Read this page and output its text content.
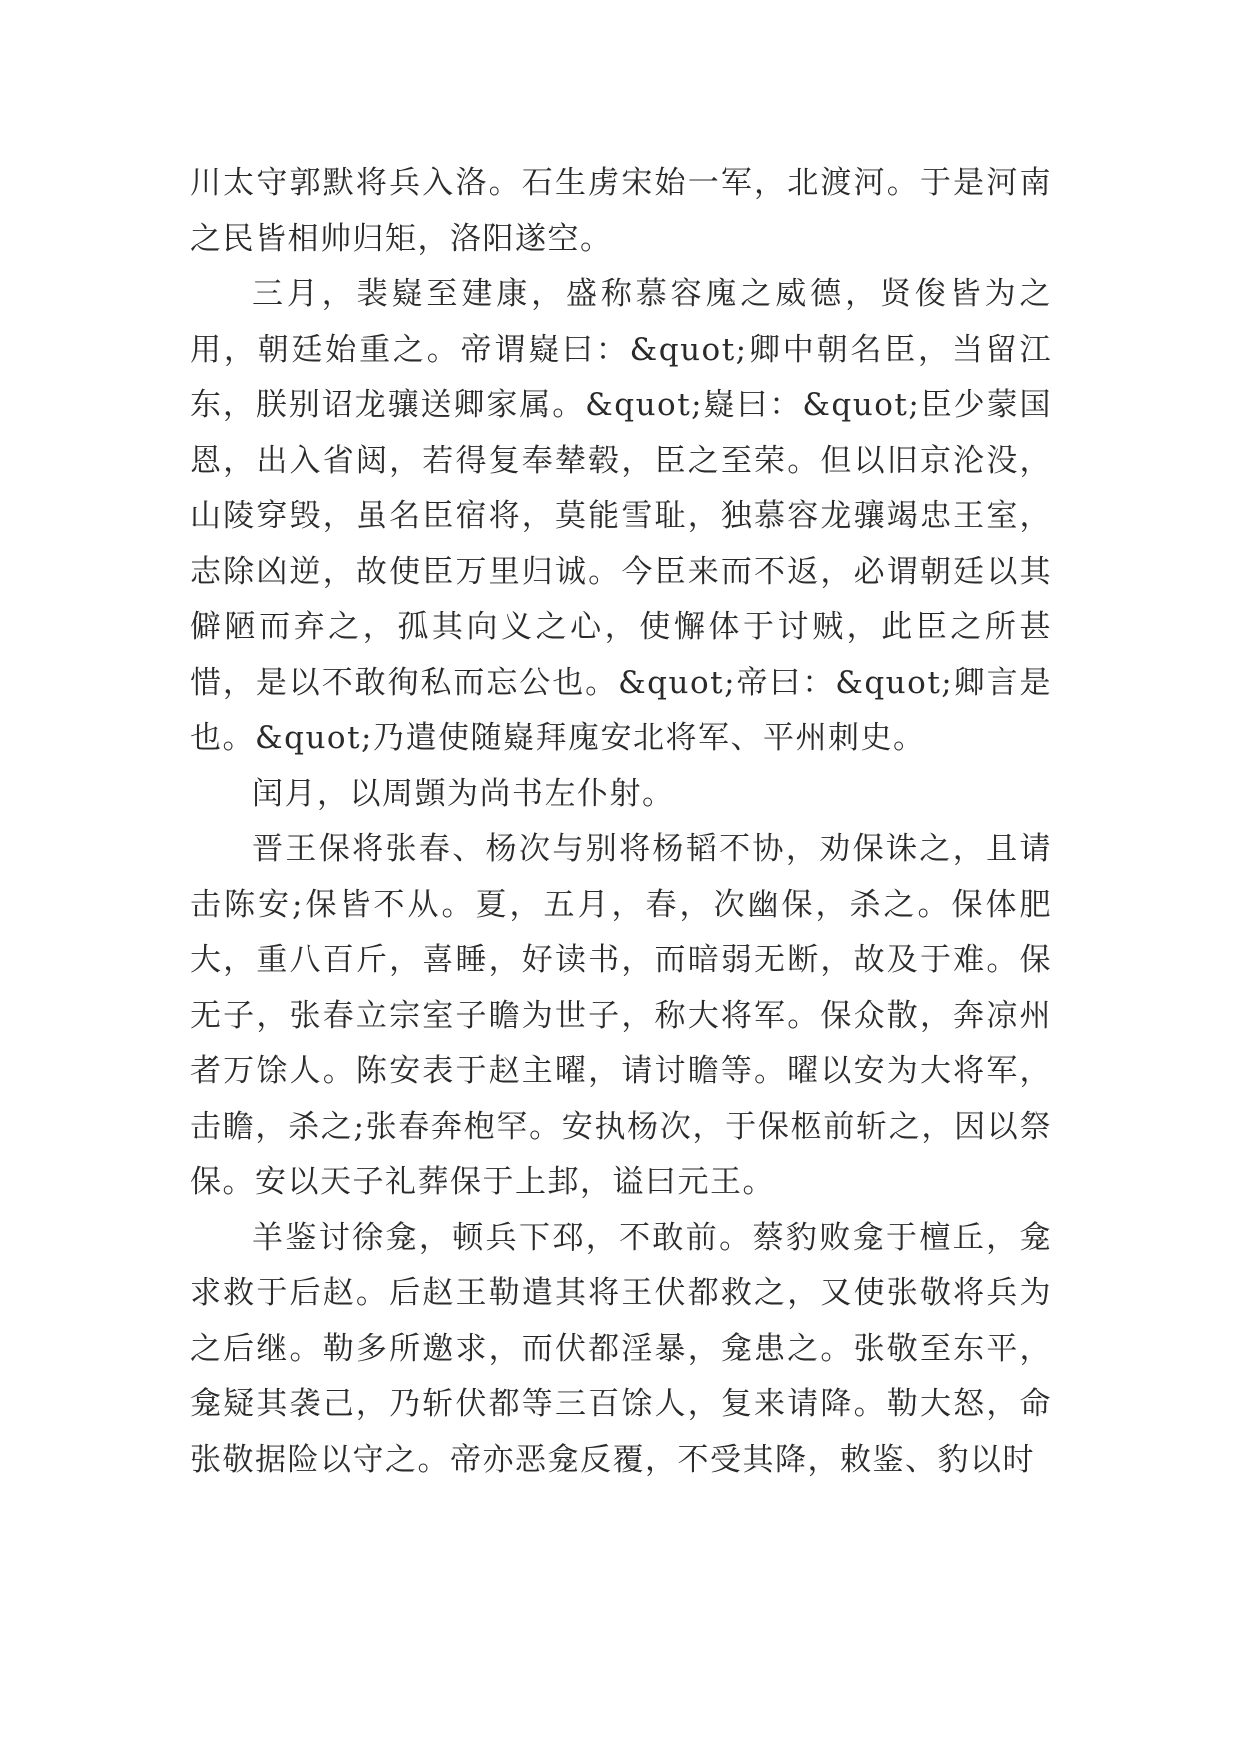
川太守郭默将兵入洛。石生虏宋始一军，北渡河。于是河南之民皆相帅归矩，洛阳遂空。

三月，裴嶷至建康，盛称慕容廆之威德，贤俊皆为之用，朝廷始重之。帝谓嶷曰：&quot;卿中朝名臣，当留江东，朕别诏龙骧送卿家属。&quot;嶷曰：&quot;臣少蒙国恩，出入省闼，若得复奉辇毂，臣之至荣。但以旧京沦没，山陵穿毁，虽名臣宿将，莫能雪耻，独慕容龙骧竭忠王室，志除凶逆，故使臣万里归诚。今臣来而不返，必谓朝廷以其僻陋而弃之，孤其向义之心，使懈体于讨贼，此臣之所甚惜，是以不敢徇私而忘公也。&quot;帝曰：&quot;卿言是也。&quot;乃遣使随嶷拜廆安北将军、平州刺史。

闰月，以周顗为尚书左仆射。

晋王保将张春、杨次与别将杨韬不协，劝保诛之，且请击陈安;保皆不从。夏，五月，春，次幽保，杀之。保体肥大，重八百斤，喜睡，好读书，而暗弱无断，故及于难。保无子，张春立宗室子瞻为世子，称大将军。保众散，奔凉州者万馀人。陈安表于赵主曜，请讨瞻等。曜以安为大将军，击瞻，杀之;张春奔枹罕。安执杨次，于保柩前斩之，因以祭保。安以天子礼葬保于上邽，谥曰元王。

羊鉴讨徐龛，顿兵下邳，不敢前。蔡豹败龛于檀丘，龛求救于后赵。后赵王勒遣其将王伏都救之，又使张敬将兵为之后继。勒多所邀求，而伏都淫暴，龛患之。张敬至东平，龛疑其袭己，乃斩伏都等三百馀人，复来请降。勒大怒，命张敬据险以守之。帝亦恶龛反覆，不受其降，敕鉴、豹以时
